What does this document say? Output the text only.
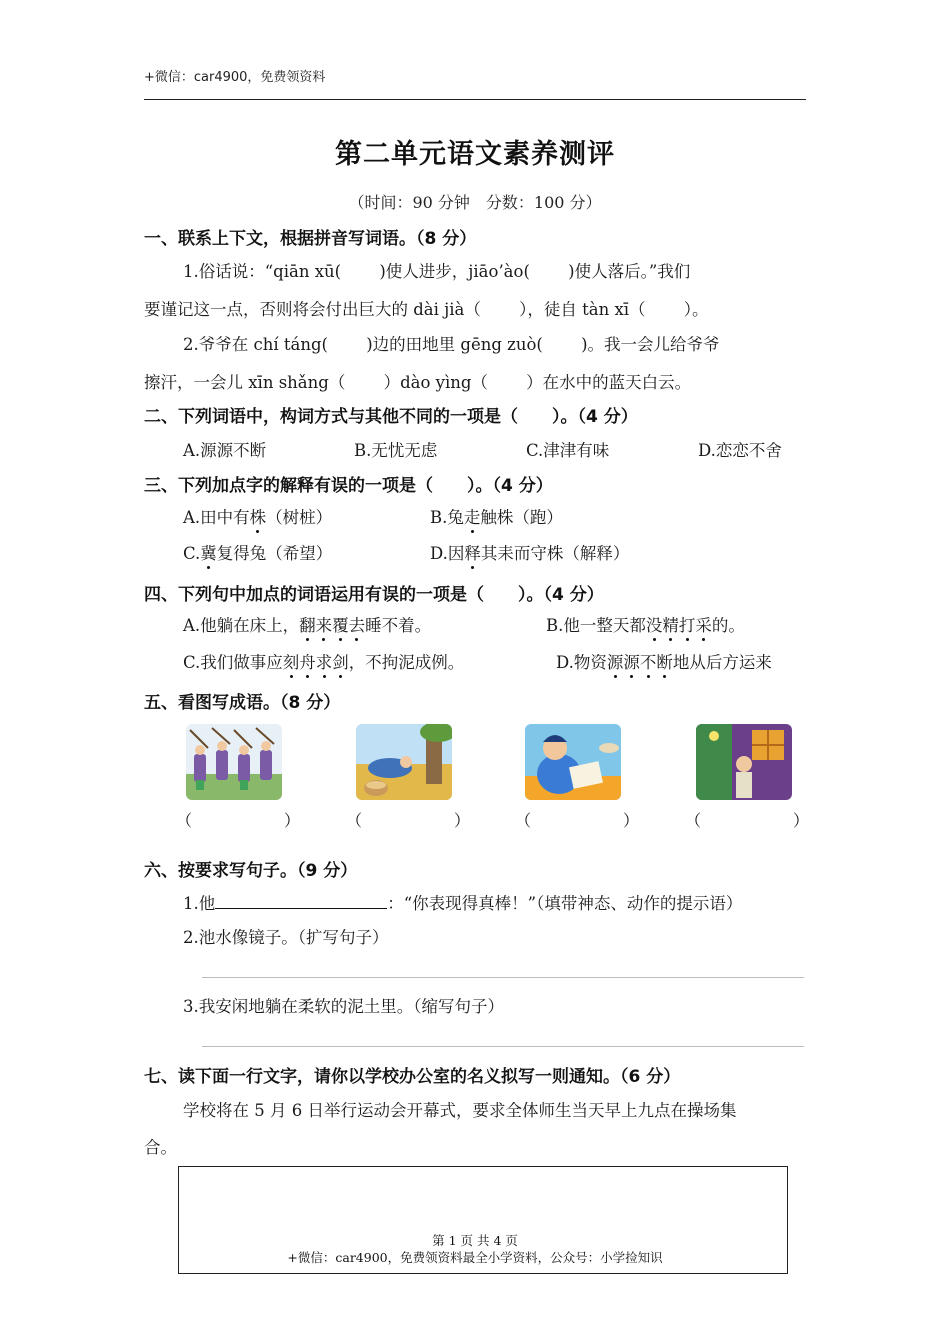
+微信：car4900，免费领资料
第二单元语文素养测评
（时间：90 分钟　分数：100 分）
一、联系上下文，根据拼音写词语。（8 分）
1.俗话说：“qiān xū(　　 )使人进步，jiāo’ào(　　 )使人落后。”我们
要谨记这一点，否则将会付出巨大的 dài jià（　　 ），徒自 tàn xī（　　 ）。
2.爷爷在 chí táng(　　 )边的田地里 gēng zuò(　　 )。我一会儿给爷爷
擦汗，一会儿 xīn shǎng（　　 ）dào yìng（　　 ）在水中的蓝天白云。
二、下列词语中，构词方式与其他不同的一项是（　　）。（4 分）
A.源源不断	B.无忧无虑	C.津津有味	D.恋恋不舍
三、下列加点字的解释有误的一项是（　　）。（4 分）
A.田中有株（树桩）	B.兔走触株（跑）
C.冀复得兔（希望）	D.因释其耒而守株（解释）
四、下列句中加点的词语运用有误的一项是（　　）。（4 分）
A.他躺在床上，翻来覆去睡不着。	B.他一整天都没精打采的。
C.我们做事应刻舟求剑，不拘泥成例。	D.物资源源不断地从后方运来
五、看图写成语。（8 分）
（	）	（	）	（	）	（	）
六、按要求写句子。（9 分）
1.他	：“你表现得真棒！”（填带神态、动作的提示语）
2.池水像镜子。（扩写句子）
3.我安闲地躺在柔软的泥土里。（缩写句子）
七、读下面一行文字，请你以学校办公室的名义拟写一则通知。（6 分）
学校将在 5 月 6 日举行运动会开幕式，要求全体师生当天早上九点在操场集
合。
第 1 页 共 4 页
+微信：car4900，免费领资料最全小学资料，公众号：小学捡知识
